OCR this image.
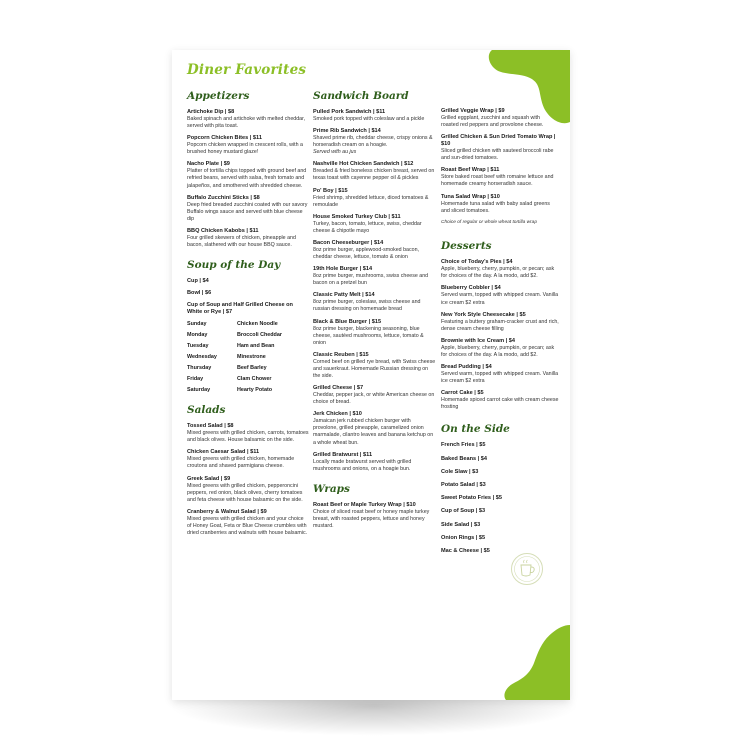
Diner Favorites
Appetizers
Artichoke Dip | $8
Baked spinach and artichoke with melted cheddar, served with pita toast.
Popcorn Chicken Bites | $11
Popcorn chicken wrapped in crescent rolls, with a brushed honey mustard glaze!
Nacho Plate | $9
Platter of tortilla chips topped with ground beef and refried beans, served with salsa, fresh tomato and jalapeños, and smothered with shredded cheese.
Buffalo Zucchini Sticks | $8
Deep fried breaded zucchini coated with our savory Buffalo wings sauce and served with blue cheese dip
BBQ Chicken Kabobs | $11
Four grilled skewers of chicken, pineapple and bacon, slathered with our house BBQ sauce.
Soup of the Day
Cup | $4
Bowl | $6
Cup of Soup and Half Grilled Cheese on White or Rye | $7
Sunday	Chicken Noodle
Monday	Broccoli Cheddar
Tuesday	Ham and Bean
Wednesday	Minestrone
Thursday	Beef Barley
Friday	Clam Chower
Saturday	Hearty Potato
Salads
Tossed Salad | $8
Mixed greens with grilled chicken, carrots, tomatoes and black olives. House balsamic on the side.
Chicken Caesar Salad | $11
Mixed greens with grilled chicken, homemade croutons and shaved parmigiana cheese.
Greek Salad | $9
Mixed greens with grilled chicken, pepperoncini peppers, red onion, black olives, cherry tomatoes and feta cheese with house balsamic on the side.
Cranberry & Walnut Salad | $9
Mixed greens with grilled chicken and your choice of Honey Goat, Feta or Blue Cheese crumbles with dried cranberries and walnuts with house balsamic.
Sandwich Board
Pulled Pork Sandwich | $11
Smoked pork topped with coleslaw and a pickle
Prime Rib Sandwich | $14
Shaved prime rib, cheddar cheese, crispy onions & horseradish cream on a hoagie.
Served with au jus
Nashville Hot Chicken Sandwich | $12
Breaded & fried boneless chicken breast, served on texas toast with cayenne pepper oil & pickles
Po' Boy | $15
Fried shrimp, shredded lettuce, diced tomatoes & remoulade
House Smoked Turkey Club | $11
Turkey, bacon, tomato, lettuce, swiss, cheddar cheese & chipotle mayo
Bacon Cheeseburger | $14
8oz prime burger, applewood-smoked bacon, cheddar cheese, lettuce, tomato & onion
19th Hole Burger | $14
8oz prime burger, mushrooms, swiss cheese and bacon on a pretzel bun
Classic Patty Melt | $14
8oz prime burger, coleslaw, swiss cheese and russian dressing on homemade bread
Black & Blue Burger | $15
8oz prime burger, blackening seasoning, blue cheese, sautéed mushrooms, lettuce, tomato & onion
Classic Reuben | $15
Corned beef on grilled rye bread, with Swiss cheese and sauerkraut. Homemade Russian dressing on the side.
Grilled Cheese | $7
Cheddar, pepper jack, or white American cheese on choice of bread.
Jerk Chicken | $10
Jamaican jerk rubbed chicken burger with provolone, grilled pineapple, caramelized onion marmalade, cilantro leaves and banana ketchup on a whole wheat bun.
Grilled Bratwurst | $11
Locally made bratwurst served with grilled mushrooms and onions, on a hoagie bun.
Wraps
Roast Beef or Maple Turkey Wrap | $10
Choice of sliced roast beef or honey maple turkey breast, with roasted peppers, lettuce and honey mustard.
Grilled Veggie Wrap | $9
Grilled eggplant, zucchini and squash with roasted red peppers and provolone cheese.
Grilled Chicken & Sun Dried Tomato Wrap | $10
Sliced grilled chicken with sauteed broccoli rabe and sun-dried tomatoes.
Roast Beef Wrap | $11
Store baked roast beef with romaine lettuce and homemade creamy horseradish sauce.
Tuna Salad Wrap | $10
Homemade tuna salad with baby salad greens and sliced tomatoes.
Choice of regular or whole wheat tortilla wrap
Desserts
Choice of Today's Pies | $4
Apple, blueberry, cherry, pumpkin, or pecan; ask for choices of the day. A la modo, add $2.
Blueberry Cobbler | $4
Served warm, topped with whipped cream. Vanilla ice cream $2 extra
New York Style Cheesecake | $5
Featuring a buttery graham-cracker crust and rich, dense cream cheese filling
Brownie with Ice Cream | $4
Apple, blueberry, cherry, pumpkin, or pecan; ask for choices of the day. A la modo, add $2.
Bread Pudding | $4
Served warm, topped with whipped cream. Vanilla ice cream $2 extra
Carrot Cake | $5
Homemade spiced carrot cake with cream cheese frosting
On the Side
French Fries | $5
Baked Beans | $4
Cole Slaw | $3
Potato Salad | $3
Sweet Potato Fries | $5
Cup of Soup | $3
Side Salad | $3
Onion Rings | $5
Mac & Cheese | $5
